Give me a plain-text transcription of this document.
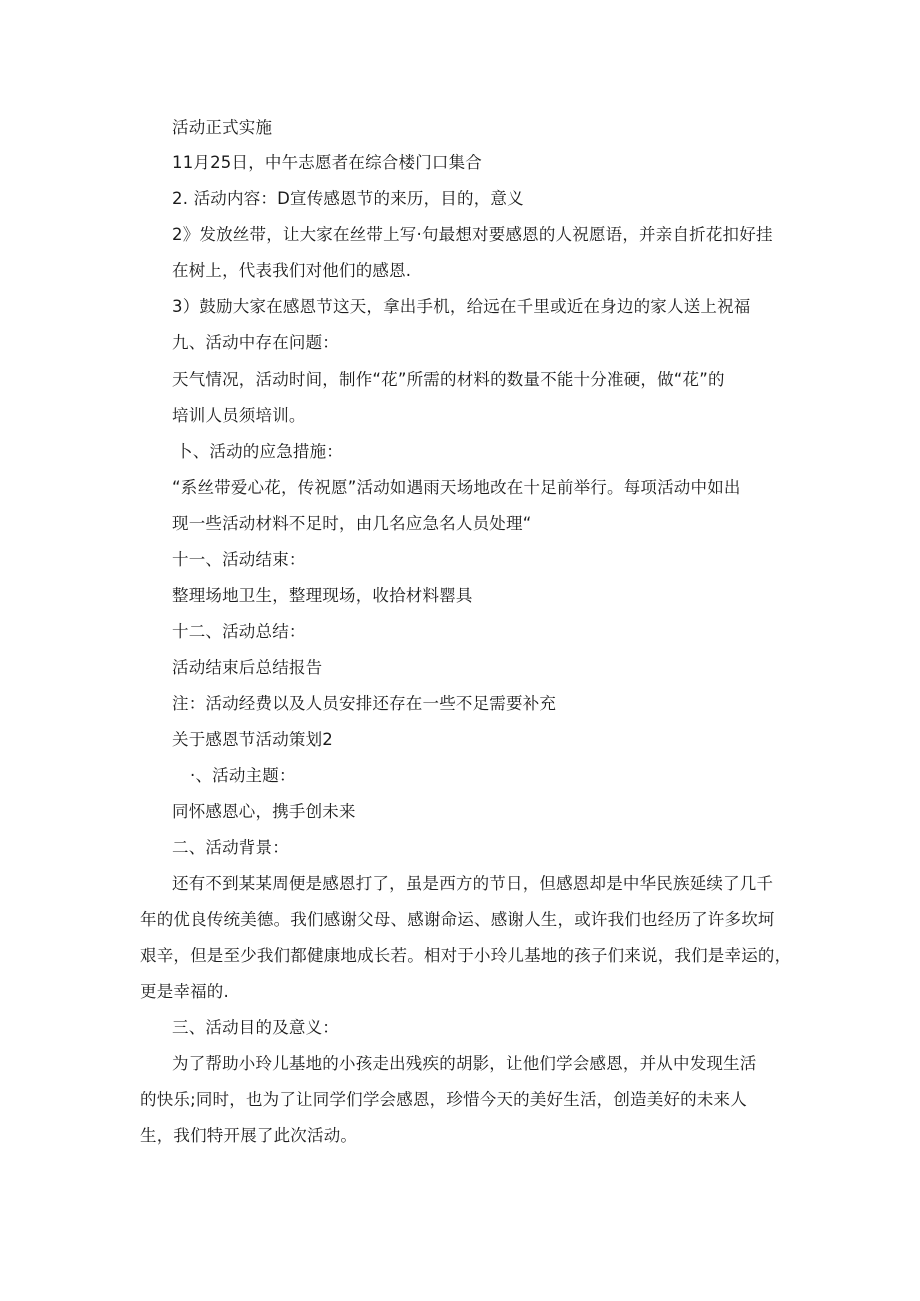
活动正式实施
11月25日，中午志愿者在综合楼门口集合
2. 活动内容：D宣传感恩节的来历，目的，意义
2》发放丝带，让大家在丝带上写·句最想对要感恩的人祝愿语，并亲自折花扣好挂
在树上，代表我们对他们的感恩.
3）鼓励大家在感恩节这天，拿出手机，给远在千里或近在身边的家人送上祝福
九、活动中存在问题：
天气情况，活动时间，制作“花”所需的材料的数量不能十分准硬，做“花”的
培训人员须培训。
卜、活动的应急措施：
“系丝带爱心花，传祝愿”活动如遇雨天场地改在十足前举行。每项活动中如出
现一些活动材料不足时，由几名应急名人员处理“
十一、活动结束：
整理场地卫生，整理现场，收拾材料罂具
十二、活动总结：
活动结束后总结报告
注：活动经费以及人员安排还存在一些不足需要补充
关于感恩节活动策划2
·、活动主题：
同怀感恩心，携手创未来
二、活动背景：
还有不到某某周便是感恩打了，虽是西方的节日，但感恩却是中华民族延续了几千
年的优良传统美德。我们感谢父母、感谢命运、感谢人生，或许我们也经历了许多坎坷
艰辛，但是至少我们都健康地成长若。相对于小玲儿基地的孩子们来说，我们是幸运的，
更是幸福的.
三、活动目的及意义：
为了帮助小玲儿基地的小孩走出残疾的胡影，让他们学会感恩，并从中发现生活
的快乐;同时，也为了让同学们学会感恩，珍惜今天的美好生活，创造美好的未来人
生，我们特开展了此次活动。
